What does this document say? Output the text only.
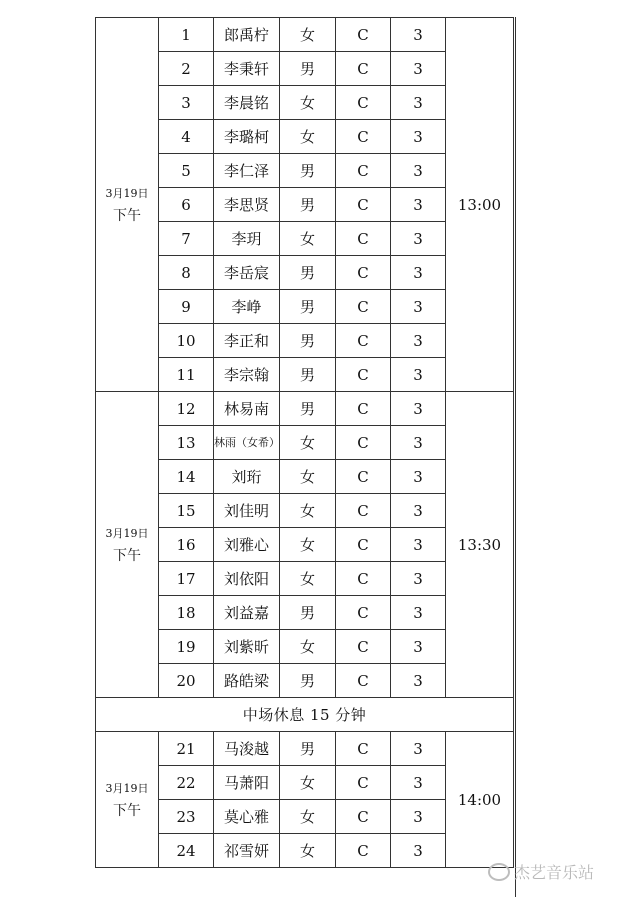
3月19日
下午	1	郎禹柠	女	C	3	13:00
	2	李秉轩	男	C	3	
	3	李晨铭	女	C	3	
	4	李璐柯	女	C	3	
	5	李仁泽	男	C	3	
	6	李思贤	男	C	3	
	7	李玥	女	C	3	
	8	李岳宸	男	C	3	
	9	李峥	男	C	3	
	10	李正和	男	C	3	
	11	李宗翰	男	C	3	
3月19日
下午	12	林易南	男	C	3	13:30
	13	林雨（女希）	女	C	3	
	14	刘珩	女	C	3	
	15	刘佳明	女	C	3	
	16	刘雅心	女	C	3	
	17	刘依阳	女	C	3	
	18	刘益嘉	男	C	3	
	19	刘紫昕	女	C	3	
	20	路皓梁	男	C	3	
中场休息 15 分钟						
3月19日
下午	21	马浚越	男	C	3	14:00
	22	马萧阳	女	C	3	
	23	莫心雅	女	C	3	
	24	祁雪妍	女	C	3	
杰艺音乐站
